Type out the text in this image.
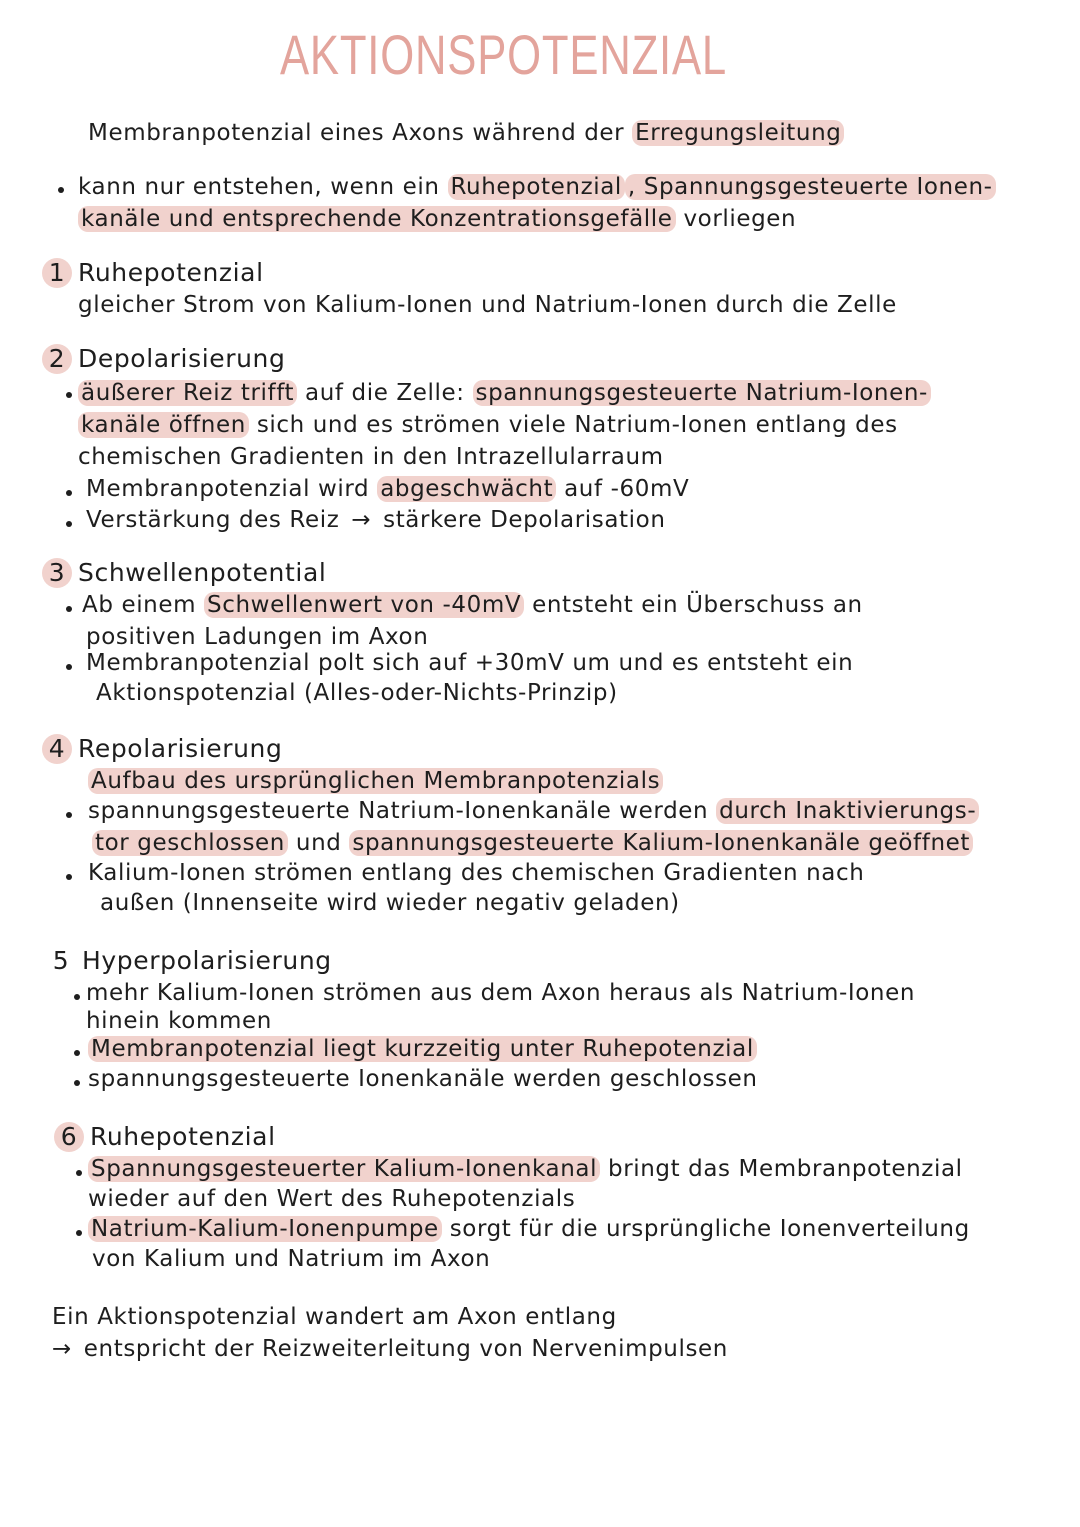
AKTIONSPOTENZIAL
Membranpotenzial eines Axons während der Erregungsleitung
kann nur entstehen, wenn ein Ruhepotenzial , Spannungsgesteuerte Ionen-
kanäle und entsprechende Konzentrationsgefälle vorliegen
1 Ruhepotenzial
gleicher Strom von Kalium-Ionen und Natrium-Ionen durch die Zelle
2 Depolarisierung
äußerer Reiz trifft auf die Zelle: spannungsgesteuerte Natrium-Ionen-
kanäle öffnen sich und es strömen viele Natrium-Ionen entlang des
chemischen Gradienten in den Intrazellularraum
Membranpotenzial wird abgeschwächt auf -60mV
Verstärkung des Reiz → stärkere Depolarisation
3 Schwellenpotential
Ab einem Schwellenwert von -40mV entsteht ein Überschuss an
positiven Ladungen im Axon
Membranpotenzial polt sich auf +30mV um und es entsteht ein
Aktionspotenzial (Alles-oder-Nichts-Prinzip)
4 Repolarisierung
Aufbau des ursprünglichen Membranpotenzials
spannungsgesteuerte Natrium-Ionenkanäle werden durch Inaktivierungs-
tor geschlossen und spannungsgesteuerte Kalium-Ionenkanäle geöffnet
Kalium-Ionen strömen entlang des chemischen Gradienten nach
außen (Innenseite wird wieder negativ geladen)
5 Hyperpolarisierung
mehr Kalium-Ionen strömen aus dem Axon heraus als Natrium-Ionen
hinein kommen
Membranpotenzial liegt kurzzeitig unter Ruhepotenzial
spannungsgesteuerte Ionenkanäle werden geschlossen
6 Ruhepotenzial
Spannungsgesteuerter Kalium-Ionenkanal bringt das Membranpotenzial
wieder auf den Wert des Ruhepotenzials
Natrium-Kalium-Ionenpumpe sorgt für die ursprüngliche Ionenverteilung
von Kalium und Natrium im Axon
Ein Aktionspotenzial wandert am Axon entlang
→ entspricht der Reizweiterleitung von Nervenimpulsen
